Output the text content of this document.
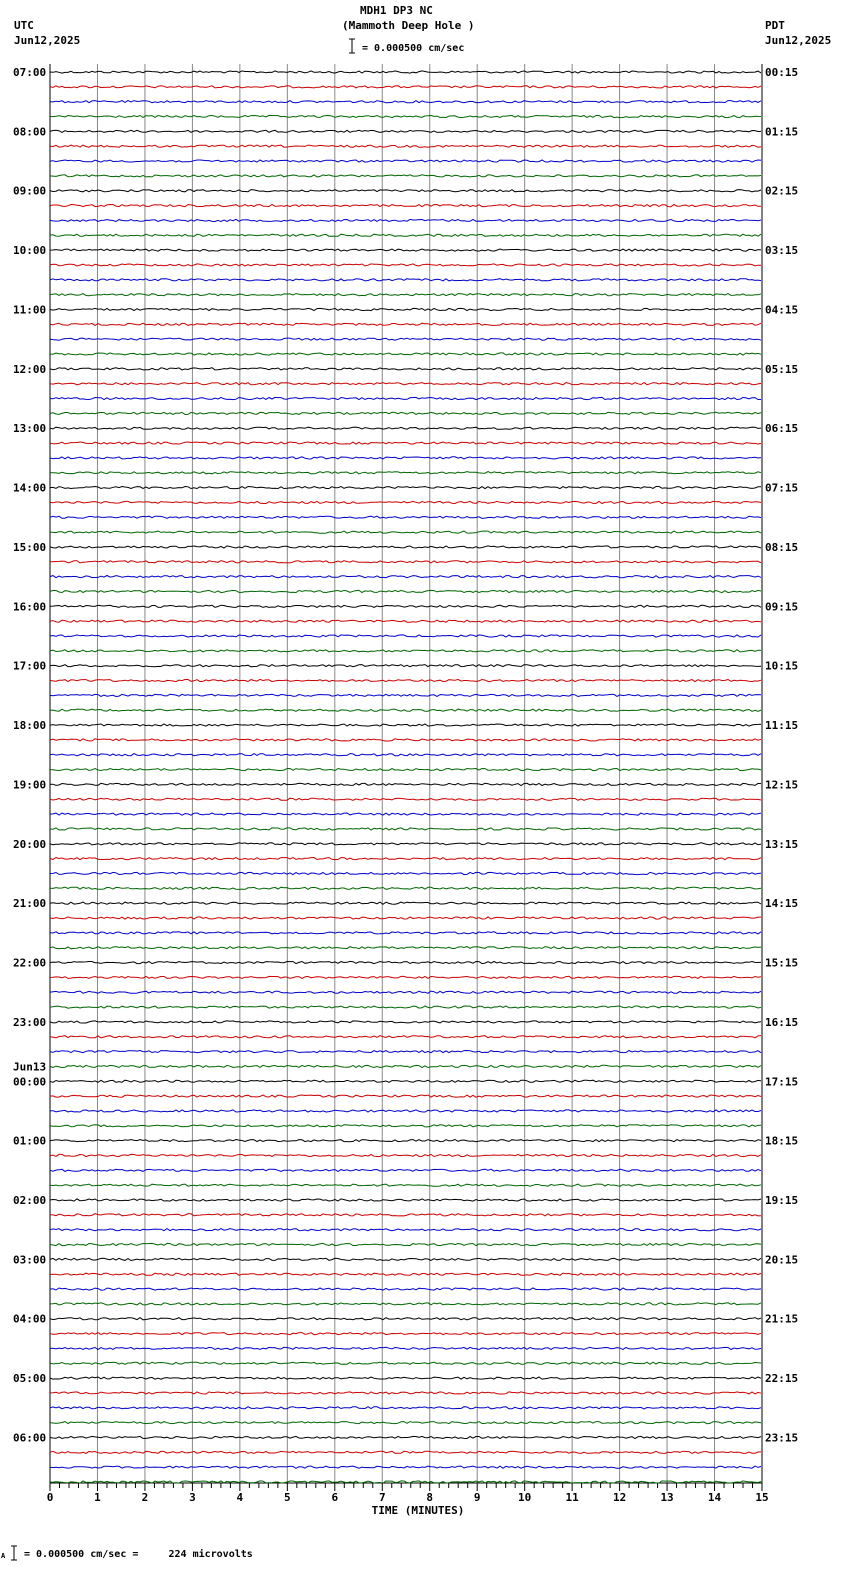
MDH1 DP3 NC
(Mammoth Deep Hole )
UTC
Jun12,2025
PDT
Jun12,2025
= 0.000500 cm/sec
A = 0.000500 cm/sec =     224 microvolts
07:00
08:00
09:00
10:00
11:00
12:00
13:00
14:00
15:00
16:00
17:00
18:00
19:00
20:00
21:00
22:00
23:00
00:00
01:00
02:00
03:00
04:00
05:00
06:00
00:15
01:15
02:15
03:15
04:15
05:15
06:15
07:15
08:15
09:15
10:15
11:15
12:15
13:15
14:15
15:15
16:15
17:15
18:15
19:15
20:15
21:15
22:15
23:15
Jun13
0	1	2	3	4	5	6	7	8	9	10	11	12	13	14	15
TIME (MINUTES)
